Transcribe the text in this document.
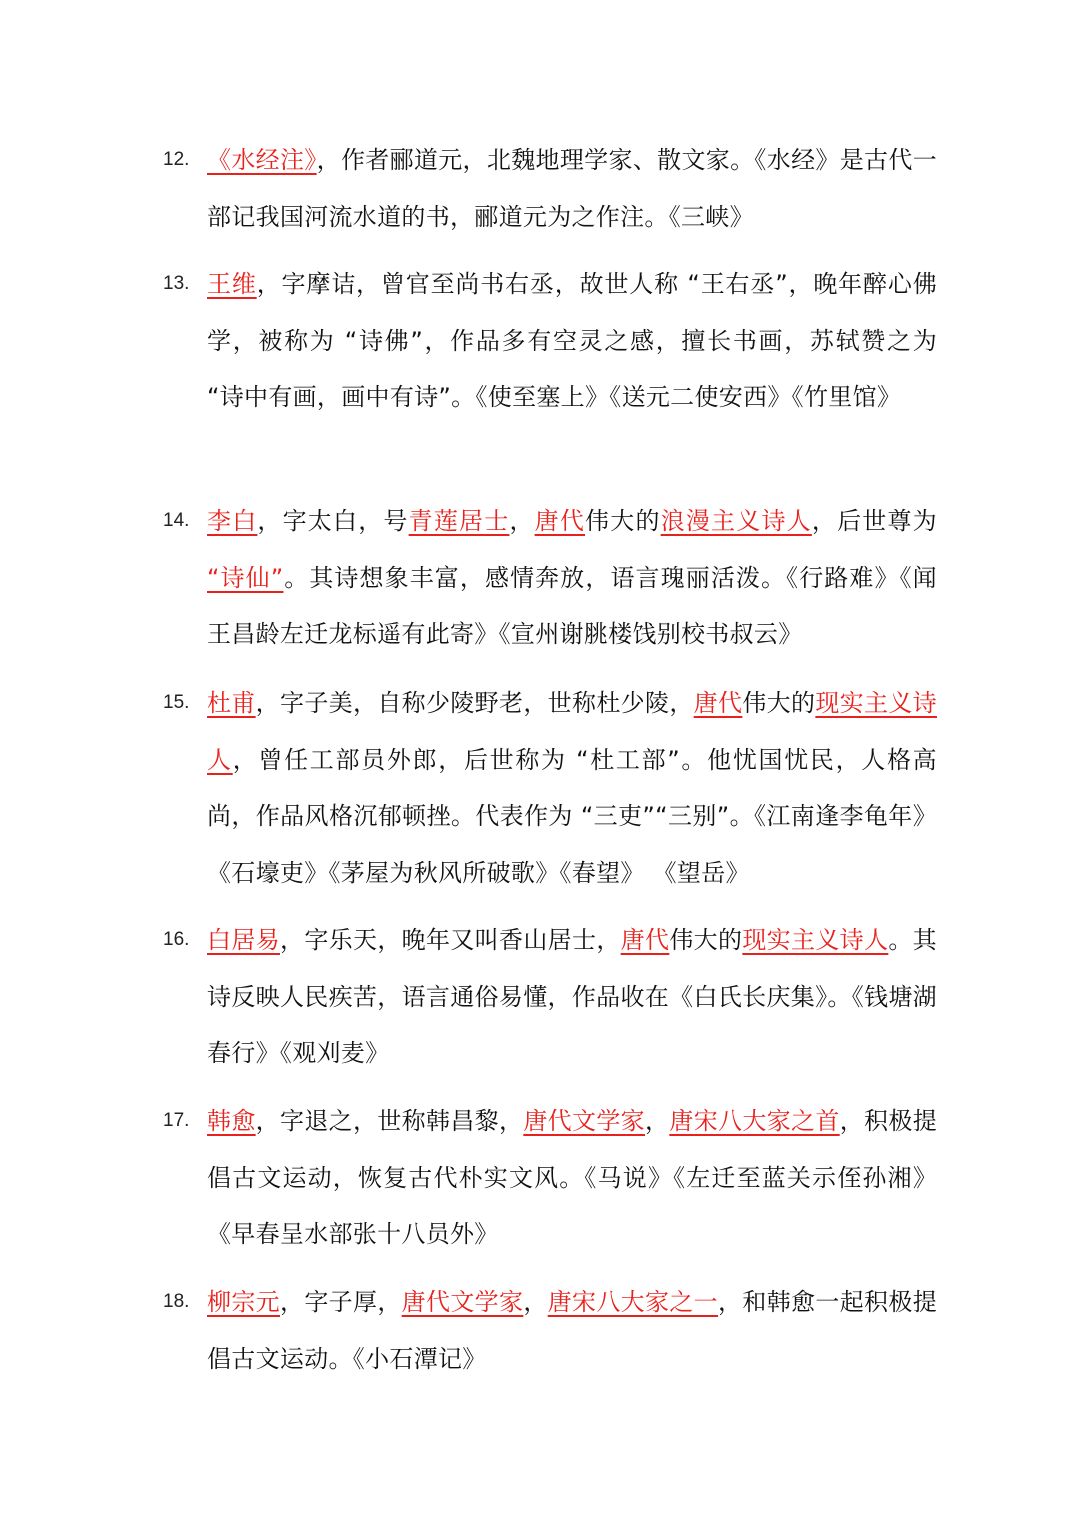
12. 《水经注》，作者郦道元，北魏地理学家、散文家。《水经》是古代一部记我国河流水道的书，郦道元为之作注。《三峡》
13. 王维，字摩诘，曾官至尚书右丞，故世人称 “王右丞”，晚年醉心佛学，被称为 “诗佛”，作品多有空灵之感，擅长书画，苏轼赞之为 “诗中有画，画中有诗”。《使至塞上》《送元二使安西》《竹里馆》
14. 李白，字太白，号青莲居士，唐代伟大的浪漫主义诗人，后世尊为 “诗仙”。其诗想象丰富，感情奔放，语言瑰丽活泼。《行路难》《闻王昌龄左迁龙标遥有此寄》《宣州谢脁楼饯别校书叔云》
15. 杜甫，字子美，自称少陵野老，世称杜少陵，唐代伟大的现实主义诗人，曾任工部员外郎，后世称为 “杜工部”。他忧国忧民，人格高尚，作品风格沉郁顿挫。代表作为 “三吏”“三别”。《江南逢李龟年》《石壕吏》《茅屋为秋风所破歌》《春望》 《望岳》
16. 白居易，字乐天，晚年又叫香山居士，唐代伟大的现实主义诗人。其诗反映人民疾苦，语言通俗易懂，作品收在《白氏长庆集》。《钱塘湖春行》《观刈麦》
17. 韩愈，字退之，世称韩昌黎，唐代文学家，唐宋八大家之首，积极提倡古文运动，恢复古代朴实文风。《马说》《左迁至蓝关示侄孙湘》《早春呈水部张十八员外》
18. 柳宗元，字子厚，唐代文学家，唐宋八大家之一，和韩愈一起积极提倡古文运动。《小石潭记》
